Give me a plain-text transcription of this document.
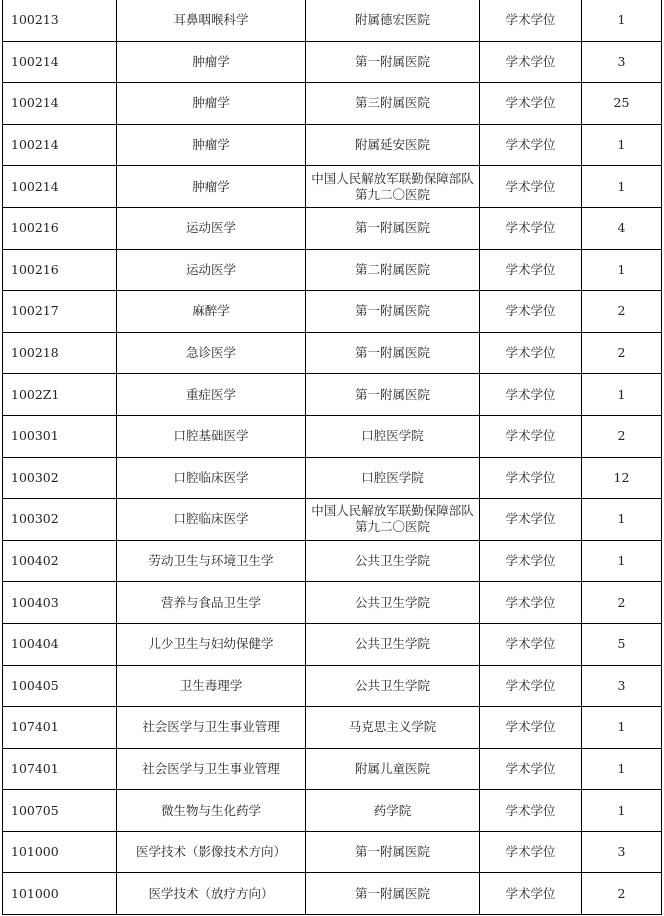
100213	耳鼻咽喉科学	附属德宏医院	学术学位	1
100214	肿瘤学	第一附属医院	学术学位	3
100214	肿瘤学	第三附属医院	学术学位	25
100214	肿瘤学	附属延安医院	学术学位	1
100214	肿瘤学	中国人民解放军联勤保障部队第九二〇医院	学术学位	1
100216	运动医学	第一附属医院	学术学位	4
100216	运动医学	第二附属医院	学术学位	1
100217	麻醉学	第一附属医院	学术学位	2
100218	急诊医学	第一附属医院	学术学位	2
1002Z1	重症医学	第一附属医院	学术学位	1
100301	口腔基础医学	口腔医学院	学术学位	2
100302	口腔临床医学	口腔医学院	学术学位	12
100302	口腔临床医学	中国人民解放军联勤保障部队第九二〇医院	学术学位	1
100402	劳动卫生与环境卫生学	公共卫生学院	学术学位	1
100403	营养与食品卫生学	公共卫生学院	学术学位	2
100404	儿少卫生与妇幼保健学	公共卫生学院	学术学位	5
100405	卫生毒理学	公共卫生学院	学术学位	3
107401	社会医学与卫生事业管理	马克思主义学院	学术学位	1
107401	社会医学与卫生事业管理	附属儿童医院	学术学位	1
100705	微生物与生化药学	药学院	学术学位	1
101000	医学技术（影像技术方向）	第一附属医院	学术学位	3
101000	医学技术（放疗方向）	第一附属医院	学术学位	2
